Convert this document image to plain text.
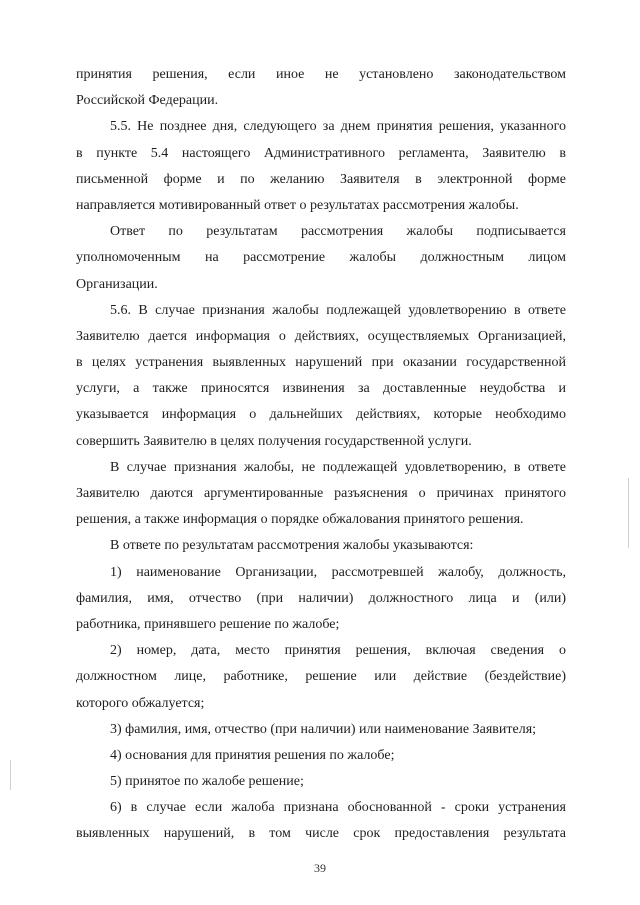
принятия решения, если иное не установлено законодательством
Российской Федерации.
5.5. Не позднее дня, следующего за днем принятия решения, указанного
в пункте 5.4 настоящего Административного регламента, Заявителю в
письменной форме и по желанию Заявителя в электронной форме
направляется мотивированный ответ о результатах рассмотрения жалобы.
Ответ по результатам рассмотрения жалобы подписывается
уполномоченным на рассмотрение жалобы должностным лицом
Организации.
5.6. В случае признания жалобы подлежащей удовлетворению в ответе
Заявителю дается информация о действиях, осуществляемых Организацией,
в целях устранения выявленных нарушений при оказании государственной
услуги, а также приносятся извинения за доставленные неудобства и
указывается информация о дальнейших действиях, которые необходимо
совершить Заявителю в целях получения государственной услуги.
В случае признания жалобы, не подлежащей удовлетворению, в ответе
Заявителю даются аргументированные разъяснения о причинах принятого
решения, а также информация о порядке обжалования принятого решения.
В ответе по результатам рассмотрения жалобы указываются:
1) наименование Организации, рассмотревшей жалобу, должность,
фамилия, имя, отчество (при наличии) должностного лица и (или)
работника, принявшего решение по жалобе;
2) номер, дата, место принятия решения, включая сведения о
должностном лице, работнике, решение или действие (бездействие)
которого обжалуется;
3) фамилия, имя, отчество (при наличии) или наименование Заявителя;
4) основания для принятия решения по жалобе;
5) принятое по жалобе решение;
6) в случае если жалоба признана обоснованной - сроки устранения
выявленных нарушений, в том числе срок предоставления результата
39
